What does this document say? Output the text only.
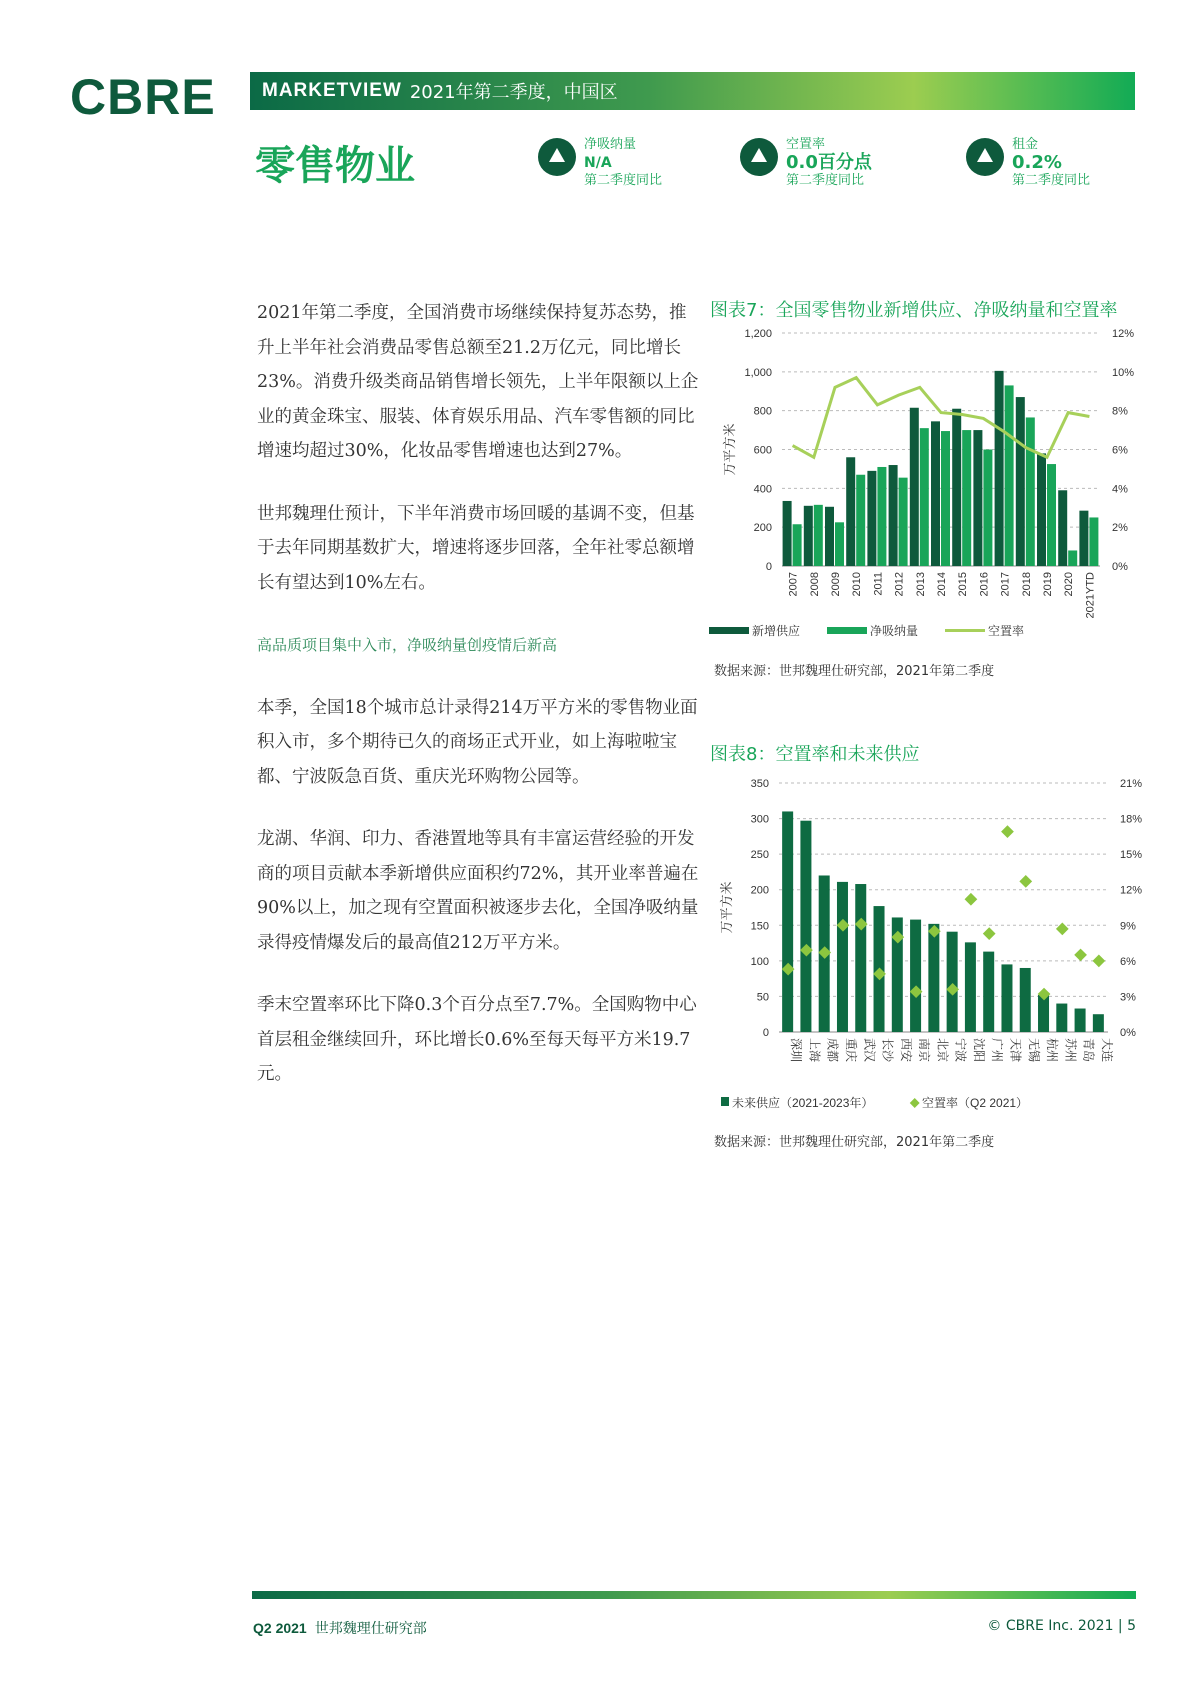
CBRE MARKETVIEW 2021年第二季度，中国区
零售物业	净吸纳量
N/A
第二季度同比
空置率
0.0百分点
第二季度同比
租金
0.2%
第二季度同比

2021年第二季度，全国消费市场继续保持复苏态势，推升上半年社会消费品零售总额至21.2万亿元，同比增长23%。消费升级类商品销售增长领先，上半年限额以上企业的黄金珠宝、服装、体育娱乐用品、汽车零售额的同比增速均超过30%，化妆品零售增速也达到27%。

世邦魏理仕预计，下半年消费市场回暖的基调不变，但基于去年同期基数扩大，增速将逐步回落，全年社零总额增长有望达到10%左右。

高品质项目集中入市，净吸纳量创疫情后新高

本季，全国18个城市总计录得214万平方米的零售物业面积入市，多个期待已久的商场正式开业，如上海啦啦宝都、宁波阪急百货、重庆光环购物公园等。

龙湖、华润、印力、香港置地等具有丰富运营经验的开发商的项目贡献本季新增供应面积约72%，其开业率普遍在90%以上，加之现有空置面积被逐步去化，全国净吸纳量录得疫情爆发后的最高值212万平方米。

季末空置率环比下降0.3个百分点至7.7%。全国购物中心首层租金继续回升，环比增长0.6%至每天每平方米19.7元。

图表7：全国零售物业新增供应、净吸纳量和空置率
0	0%
200	2%
400	4%
600	6%
800	8%
1,000	10%
1,200	12%
万平方米
2007 2008 2009 2010 2011 2012 2013 2014 2015 2016 2017 2018 2019 2020 2021YTD
新增供应	净吸纳量	空置率
数据来源：世邦魏理仕研究部，2021年第二季度
图表8：空置率和未来供应
0	0%
50	3%
100	6%
150	9%
200	12%
250	15%
300	18%
350	21%
万平方米
深圳 上海 成都 重庆 武汉 长沙 西安 南京 北京 宁波 沈阳 广州 天津 无锡 杭州 苏州 青岛 大连
未来供应（2021-2023年）	空置率（Q2 2021）
数据来源：世邦魏理仕研究部，2021年第二季度
Q2 2021 世邦魏理仕研究部	© CBRE Inc. 2021 | 5
